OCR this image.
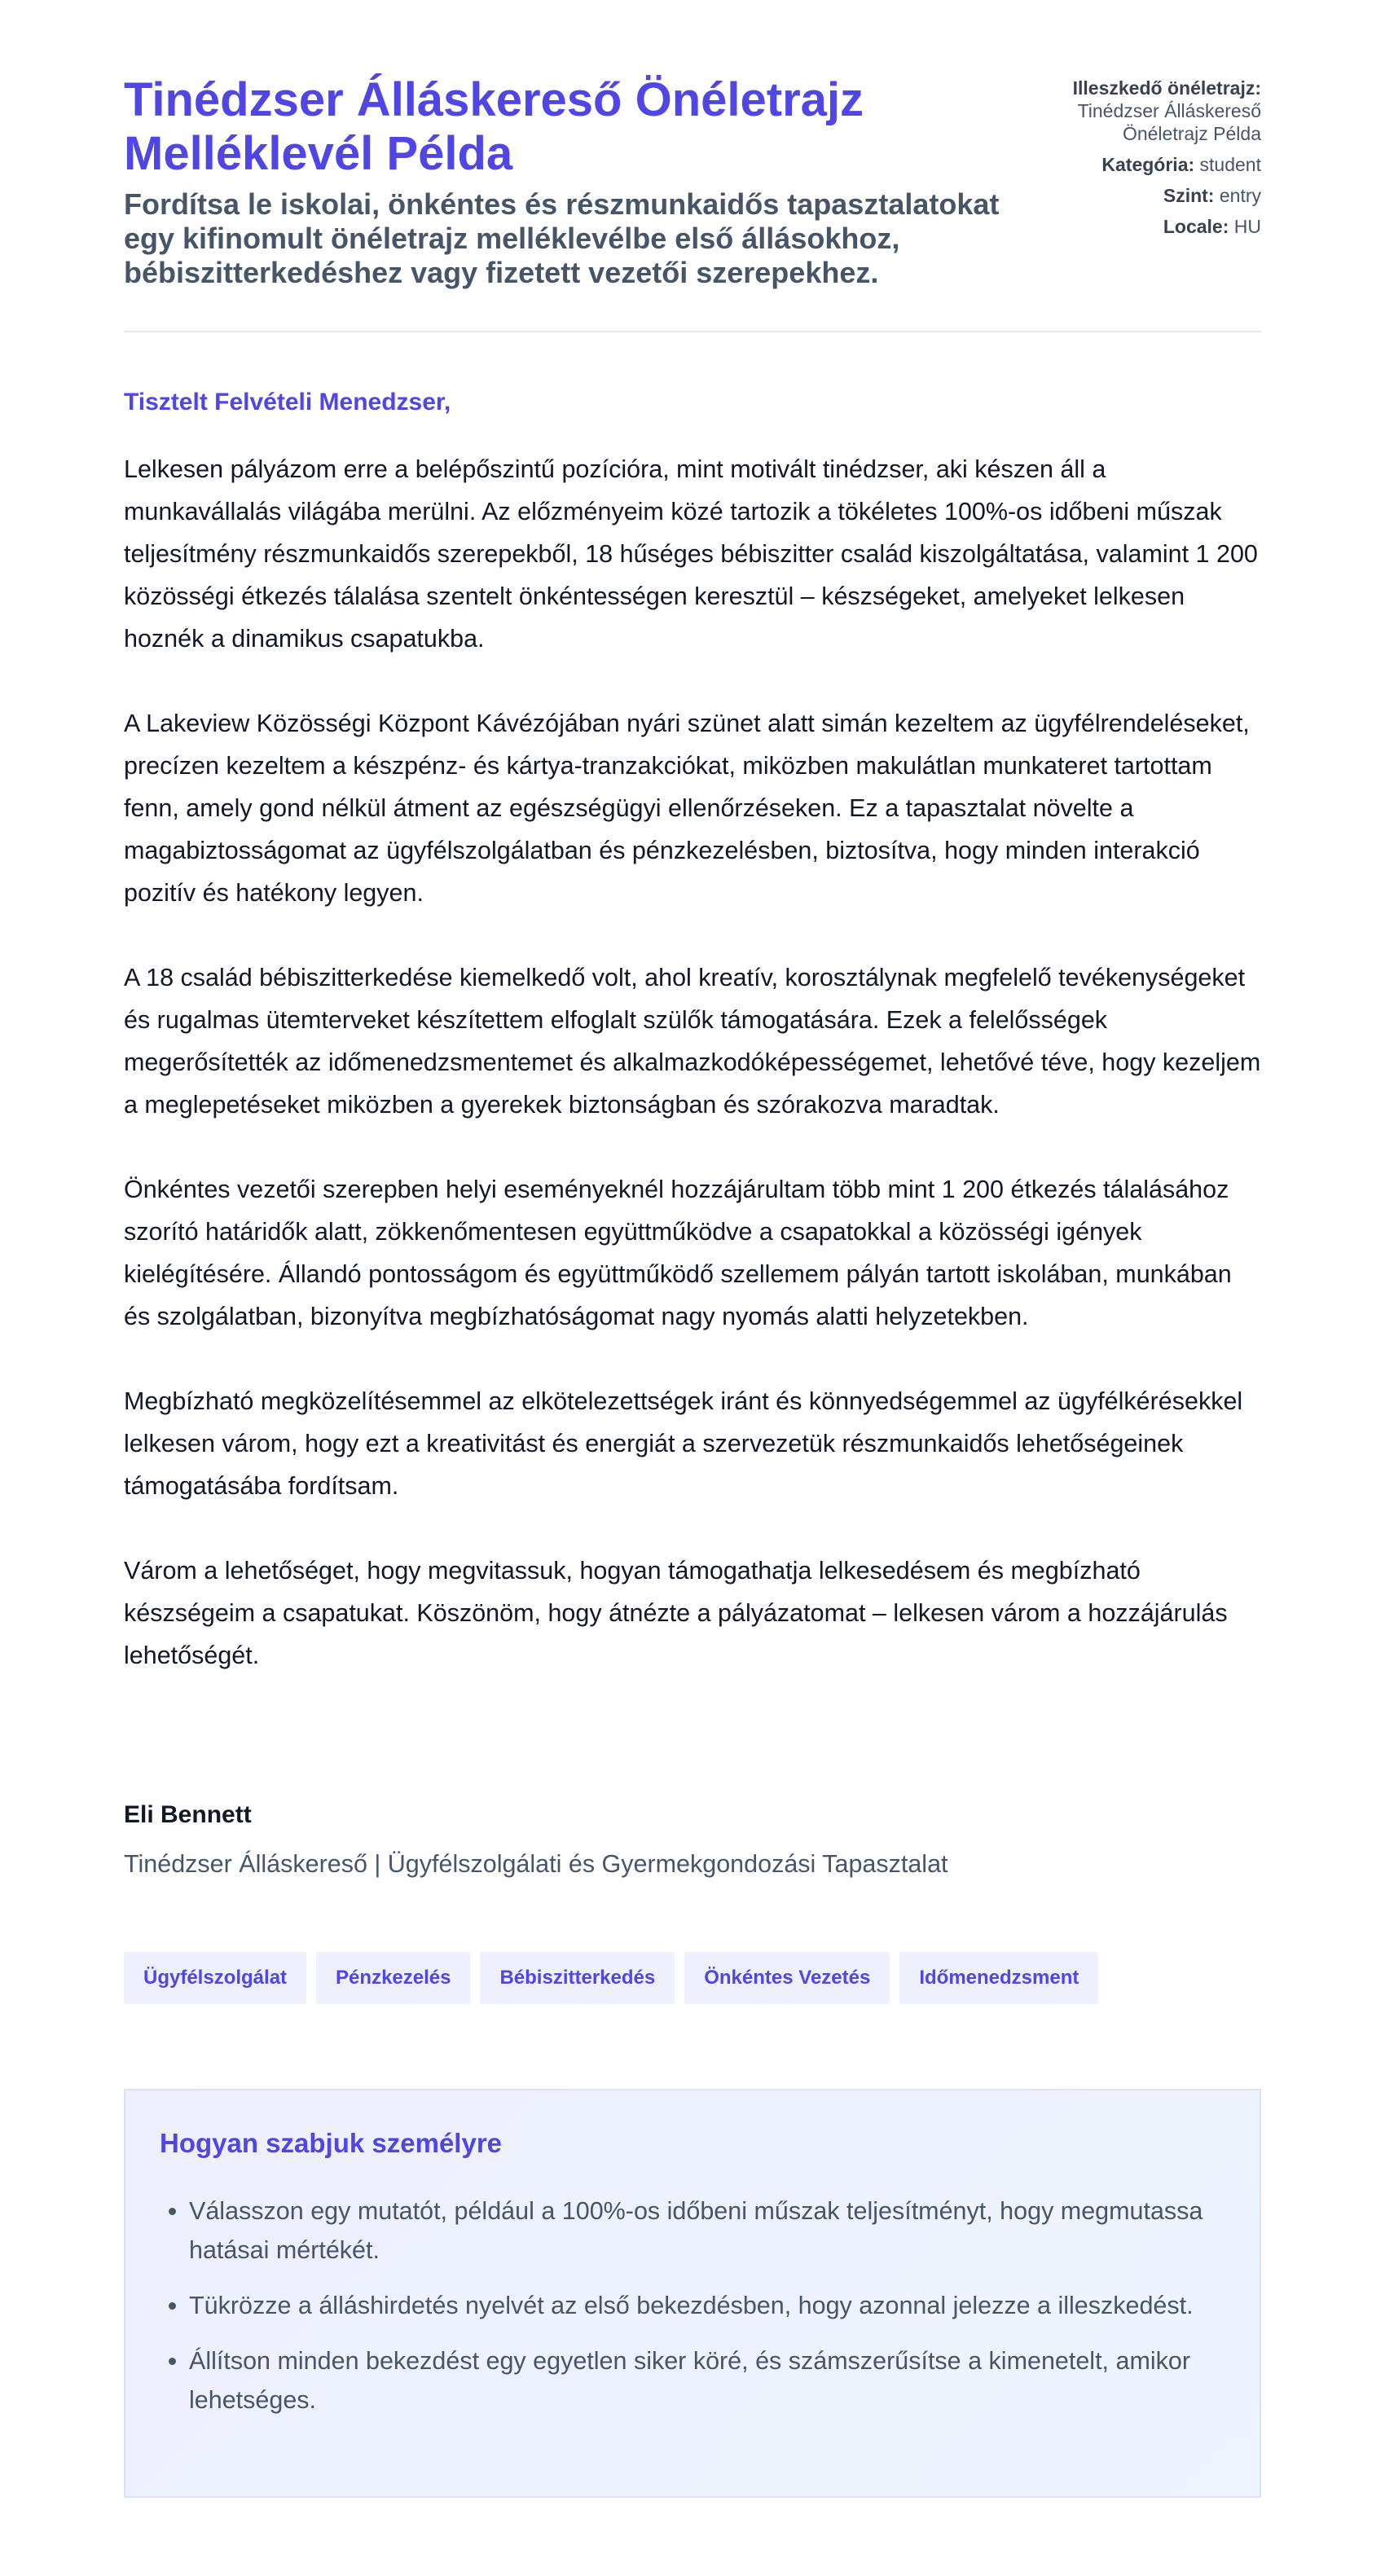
Tinédzser Álláskereső Önéletrajz Melléklevél Példa

Fordítsa le iskolai, önkéntes és részmunkaidős tapasztalatokat egy kifinomult önéletrajz melléklevélbe első állásokhoz, bébiszitterkedéshez vagy fizetett vezetői szerepekhez.

Illeszkedő önéletrajz:
Tinédzser Álláskereső Önéletrajz Példa
Kategória: student
Szint: entry
Locale: HU

Tisztelt Felvételi Menedzser,

Lelkesen pályázom erre a belépőszintű pozícióra, mint motivált tinédzser, aki készen áll a munkavállalás világába merülni. Az előzményeim közé tartozik a tökéletes 100%-os időbeni műszak teljesítmény részmunkaidős szerepekből, 18 hűséges bébiszitter család kiszolgáltatása, valamint 1 200 közösségi étkezés tálalása szentelt önkéntességen keresztül – készségeket, amelyeket lelkesen hoznék a dinamikus csapatukba.

A Lakeview Közösségi Központ Kávézójában nyári szünet alatt simán kezeltem az ügyfélrendeléseket, precízen kezeltem a készpénz- és kártya-tranzakciókat, miközben makulátlan munkateret tartottam fenn, amely gond nélkül átment az egészségügyi ellenőrzéseken. Ez a tapasztalat növelte a magabiztosságomat az ügyfélszolgálatban és pénzkezelésben, biztosítva, hogy minden interakció pozitív és hatékony legyen.

A 18 család bébiszitterkedése kiemelkedő volt, ahol kreatív, korosztálynak megfelelő tevékenységeket és rugalmas ütemterveket készítettem elfoglalt szülők támogatására. Ezek a felelősségek megerősítették az időmenedzsmentemet és alkalmazkodóképességemet, lehetővé téve, hogy kezeljem a meglepetéseket miközben a gyerekek biztonságban és szórakozva maradtak.

Önkéntes vezetői szerepben helyi eseményeknél hozzájárultam több mint 1 200 étkezés tálalásához szorító határidők alatt, zökkenőmentesen együttműködve a csapatokkal a közösségi igények kielégítésére. Állandó pontosságom és együttműködő szellemem pályán tartott iskolában, munkában és szolgálatban, bizonyítva megbízhatóságomat nagy nyomás alatti helyzetekben.

Megbízható megközelítésemmel az elkötelezettségek iránt és könnyedségemmel az ügyfélkérésekkel lelkesen várom, hogy ezt a kreativitást és energiát a szervezetük részmunkaidős lehetőségeinek támogatásába fordítsam.

Várom a lehetőséget, hogy megvitassuk, hogyan támogathatja lelkesedésem és megbízható készségeim a csapatukat. Köszönöm, hogy átnézte a pályázatomat – lelkesen várom a hozzájárulás lehetőségét.

Eli Bennett

Tinédzser Álláskereső | Ügyfélszolgálati és Gyermekgondozási Tapasztalat

Ügyfélszolgálat	Pénzkezelés	Bébiszitterkedés	Önkéntes Vezetés	Időmenedzsment
Hogyan szabjuk személyre
• Válasszon egy mutatót, például a 100%-os időbeni műszak teljesítményt, hogy megmutassa hatásai mértékét.
• Tükrözze a álláshirdetés nyelvét az első bekezdésben, hogy azonnal jelezze a illeszkedést.
• Állítson minden bekezdést egy egyetlen siker köré, és számszerűsítse a kimenetelt, amikor lehetséges.
